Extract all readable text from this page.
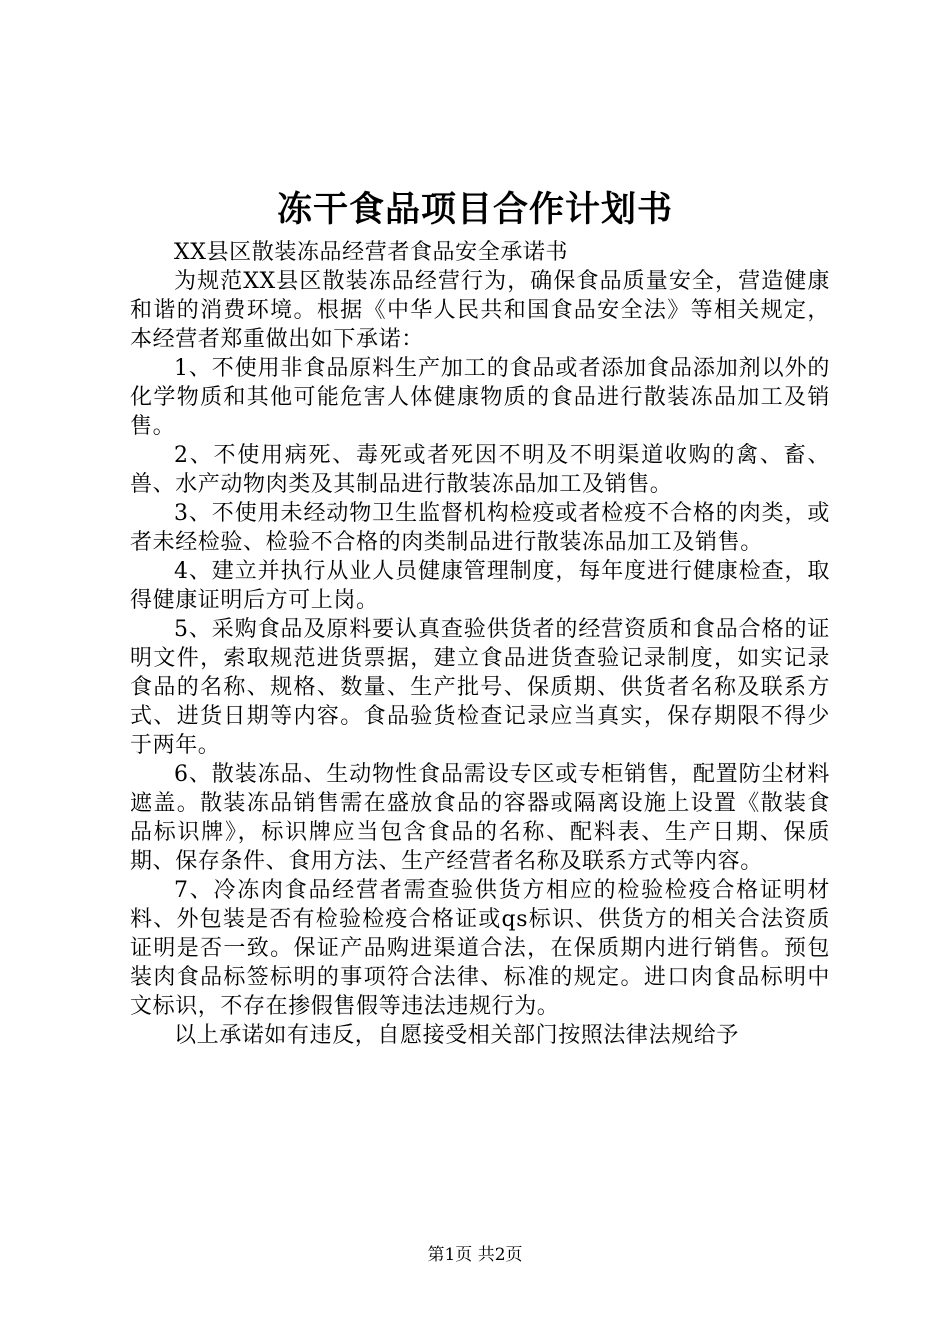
冻干食品项目合作计划书

XX县区散装冻品经营者食品安全承诺书

为规范XX县区散装冻品经营行为，确保食品质量安全，营造健康和谐的消费环境。根据《中华人民共和国食品安全法》等相关规定，本经营者郑重做出如下承诺：

1、不使用非食品原料生产加工的食品或者添加食品添加剂以外的化学物质和其他可能危害人体健康物质的食品进行散装冻品加工及销售。

2、不使用病死、毒死或者死因不明及不明渠道收购的禽、畜、兽、水产动物肉类及其制品进行散装冻品加工及销售。

3、不使用未经动物卫生监督机构检疫或者检疫不合格的肉类，或者未经检验、检验不合格的肉类制品进行散装冻品加工及销售。

4、建立并执行从业人员健康管理制度，每年度进行健康检查，取得健康证明后方可上岗。

5、采购食品及原料要认真查验供货者的经营资质和食品合格的证明文件，索取规范进货票据，建立食品进货查验记录制度，如实记录食品的名称、规格、数量、生产批号、保质期、供货者名称及联系方式、进货日期等内容。食品验货检查记录应当真实，保存期限不得少于两年。

6、散装冻品、生动物性食品需设专区或专柜销售，配置防尘材料遮盖。散装冻品销售需在盛放食品的容器或隔离设施上设置《散装食品标识牌》，标识牌应当包含食品的名称、配料表、生产日期、保质期、保存条件、食用方法、生产经营者名称及联系方式等内容。

7、冷冻肉食品经营者需查验供货方相应的检验检疫合格证明材料、外包装是否有检验检疫合格证或qs标识、供货方的相关合法资质证明是否一致。保证产品购进渠道合法，在保质期内进行销售。预包装肉食品标签标明的事项符合法律、标准的规定。进口肉食品标明中文标识，不存在掺假售假等违法违规行为。

以上承诺如有违反，自愿接受相关部门按照法律法规给予

第1页 共2页
